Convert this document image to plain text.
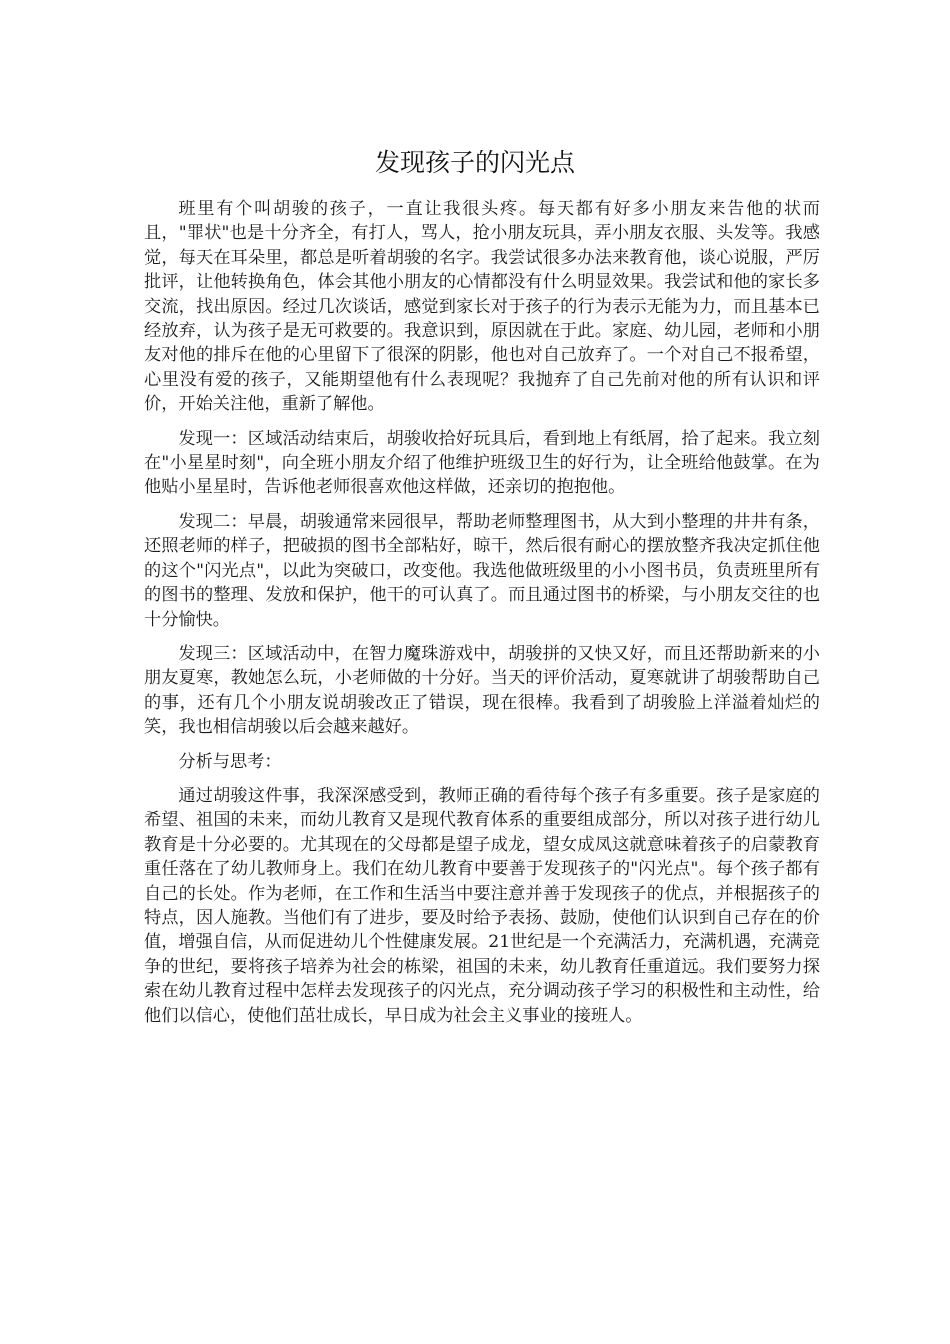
发现孩子的闪光点

班里有个叫胡骏的孩子，一直让我很头疼。每天都有好多小朋友来告他的状而且，"罪状"也是十分齐全，有打人，骂人，抢小朋友玩具，弄小朋友衣服、头发等。我感觉，每天在耳朵里，都总是听着胡骏的名字。我尝试很多办法来教育他，谈心说服，严厉批评，让他转换角色，体会其他小朋友的心情都没有什么明显效果。我尝试和他的家长多交流，找出原因。经过几次谈话，感觉到家长对于孩子的行为表示无能为力，而且基本已经放弃，认为孩子是无可救要的。我意识到，原因就在于此。家庭、幼儿园，老师和小朋友对他的排斥在他的心里留下了很深的阴影，他也对自己放弃了。一个对自己不报希望，心里没有爱的孩子，又能期望他有什么表现呢？我抛弃了自己先前对他的所有认识和评价，开始关注他，重新了解他。

发现一：区域活动结束后，胡骏收拾好玩具后，看到地上有纸屑，拾了起来。我立刻在"小星星时刻"，向全班小朋友介绍了他维护班级卫生的好行为，让全班给他鼓掌。在为他贴小星星时，告诉他老师很喜欢他这样做，还亲切的抱抱他。

发现二：早晨，胡骏通常来园很早，帮助老师整理图书，从大到小整理的井井有条，还照老师的样子，把破损的图书全部粘好，晾干，然后很有耐心的摆放整齐我决定抓住他的这个"闪光点"，以此为突破口，改变他。我选他做班级里的小小图书员，负责班里所有的图书的整理、发放和保护，他干的可认真了。而且通过图书的桥梁，与小朋友交往的也十分愉快。

发现三：区域活动中，在智力魔珠游戏中，胡骏拼的又快又好，而且还帮助新来的小朋友夏寒，教她怎么玩，小老师做的十分好。当天的评价活动，夏寒就讲了胡骏帮助自己的事，还有几个小朋友说胡骏改正了错误，现在很棒。我看到了胡骏脸上洋溢着灿烂的笑，我也相信胡骏以后会越来越好。

分析与思考：

通过胡骏这件事，我深深感受到，教师正确的看待每个孩子有多重要。孩子是家庭的希望、祖国的未来，而幼儿教育又是现代教育体系的重要组成部分，所以对孩子进行幼儿教育是十分必要的。尤其现在的父母都是望子成龙，望女成凤这就意味着孩子的启蒙教育重任落在了幼儿教师身上。我们在幼儿教育中要善于发现孩子的"闪光点"。每个孩子都有自己的长处。作为老师，在工作和生活当中要注意并善于发现孩子的优点，并根据孩子的特点，因人施教。当他们有了进步，要及时给予表扬、鼓励，使他们认识到自己存在的价值，增强自信，从而促进幼儿个性健康发展。21世纪是一个充满活力，充满机遇，充满竞争的世纪，要将孩子培养为社会的栋梁，祖国的未来，幼儿教育任重道远。我们要努力探索在幼儿教育过程中怎样去发现孩子的闪光点，充分调动孩子学习的积极性和主动性，给他们以信心，使他们茁壮成长，早日成为社会主义事业的接班人。
